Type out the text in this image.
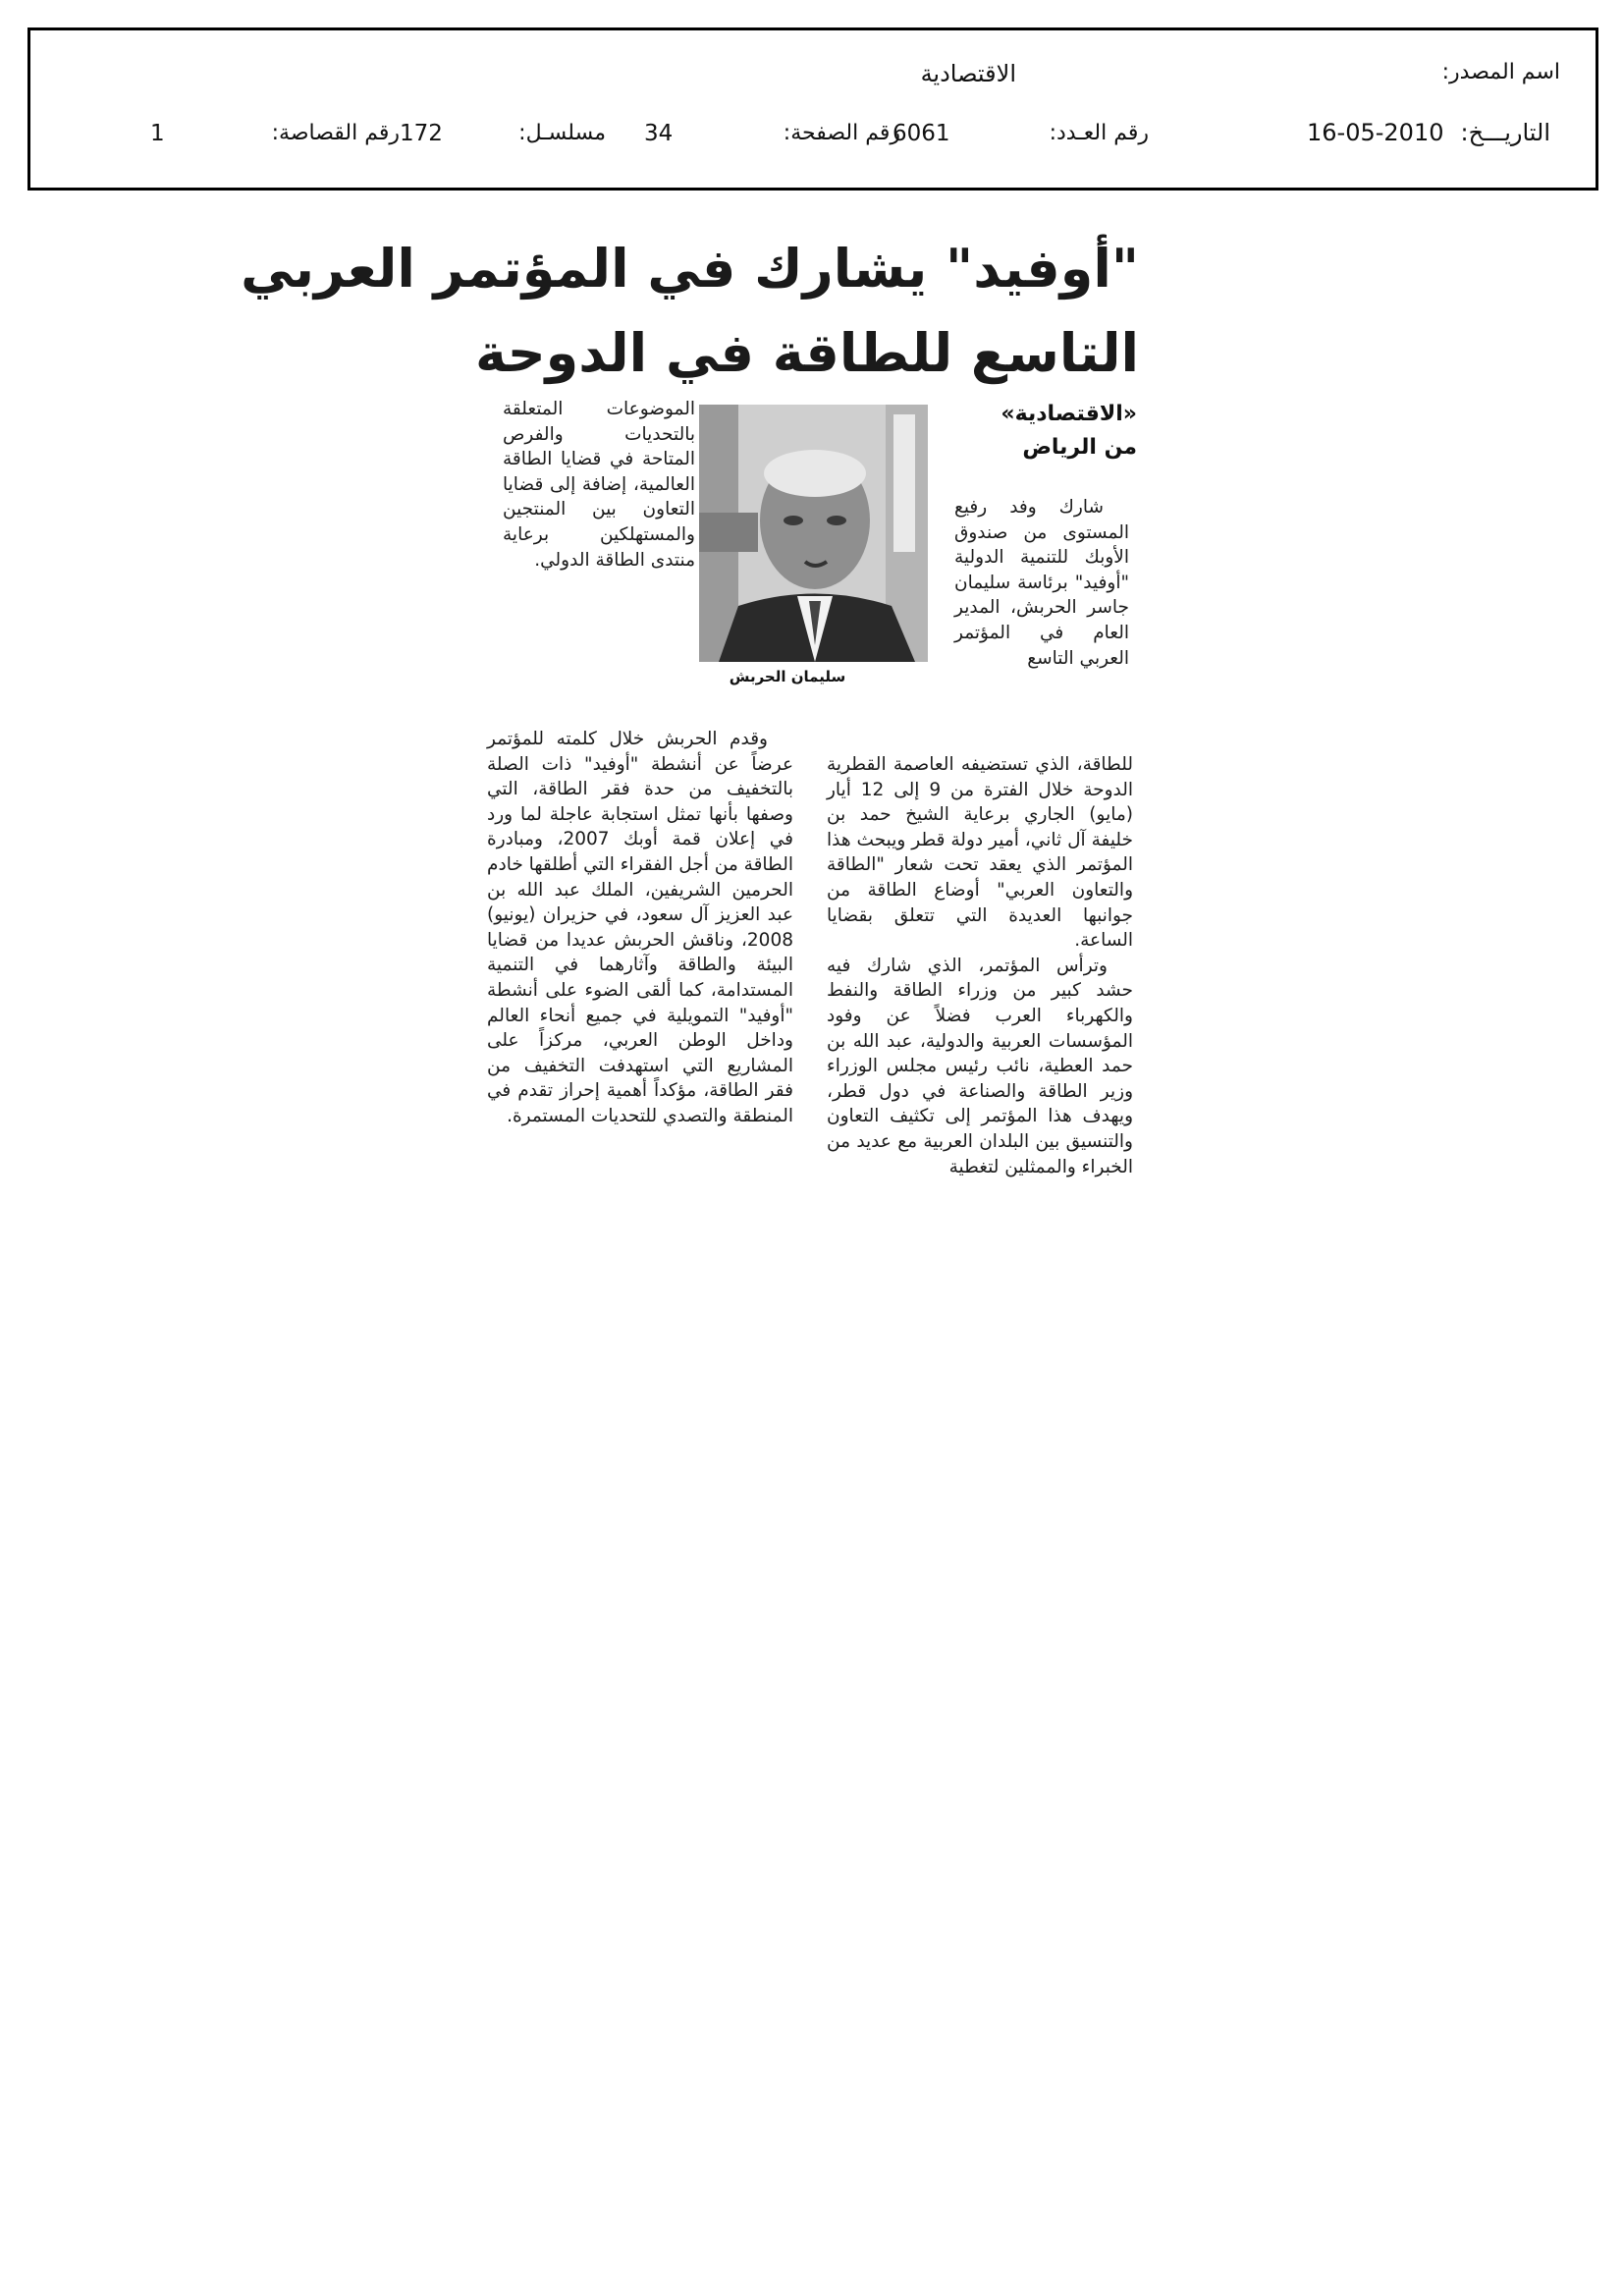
اسم المصدر:
الاقتصادية
التاريـــخ:
16-05-2010
رقم العـدد:
6061
رقم الصفحة:
34
مسلسـل:
172
رقم القصاصة:
1
"أوفيد" يشارك في المؤتمر العربي
التاسع للطاقة في الدوحة
«الاقتصادية»
من الرياض
سليمان الحربش

شارك وفد رفيع المستوى من صندوق الأوبك للتنمية الدولية "أوفيد" برئاسة سليمان جاسر الحربش، المدير العام في المؤتمر العربي التاسع

للطاقة، الذي تستضيفه العاصمة القطرية الدوحة خلال الفترة من 9 إلى 12 أيار (مايو) الجاري برعاية الشيخ حمد بن خليفة آل ثاني، أمير دولة قطر ويبحث هذا المؤتمر الذي يعقد تحت شعار "الطاقة والتعاون العربي" أوضاع الطاقة من جوانبها العديدة التي تتعلق بقضايا الساعة.

وترأس المؤتمر، الذي شارك فيه حشد كبير من وزراء الطاقة والنفط والكهرباء العرب فضلاً عن وفود المؤسسات العربية والدولية، عبد الله بن حمد العطية، نائب رئيس مجلس الوزراء وزير الطاقة والصناعة في دول قطر، ويهدف هذا المؤتمر إلى تكثيف التعاون والتنسيق بين البلدان العربية مع عديد من الخبراء والممثلين لتغطية

الموضوعات المتعلقة بالتحديات والفرص المتاحة في قضايا الطاقة العالمية، إضافة إلى قضايا التعاون بين المنتجين والمستهلكين برعاية منتدى الطاقة الدولي.

وقدم الحربش خلال كلمته للمؤتمر عرضاً عن أنشطة "أوفيد" ذات الصلة بالتخفيف من حدة فقر الطاقة، التي وصفها بأنها تمثل استجابة عاجلة لما ورد في إعلان قمة أوبك 2007، ومبادرة الطاقة من أجل الفقراء التي أطلقها خادم الحرمين الشريفين، الملك عبد الله بن عبد العزيز آل سعود، في حزيران (يونيو) 2008، وناقش الحربش عديدا من قضايا البيئة والطاقة وآثارهما في التنمية المستدامة، كما ألقى الضوء على أنشطة "أوفيد" التمويلية في جميع أنحاء العالم وداخل الوطن العربي، مركزاً على المشاريع التي استهدفت التخفيف من فقر الطاقة، مؤكداً أهمية إحراز تقدم في المنطقة والتصدي للتحديات المستمرة.
